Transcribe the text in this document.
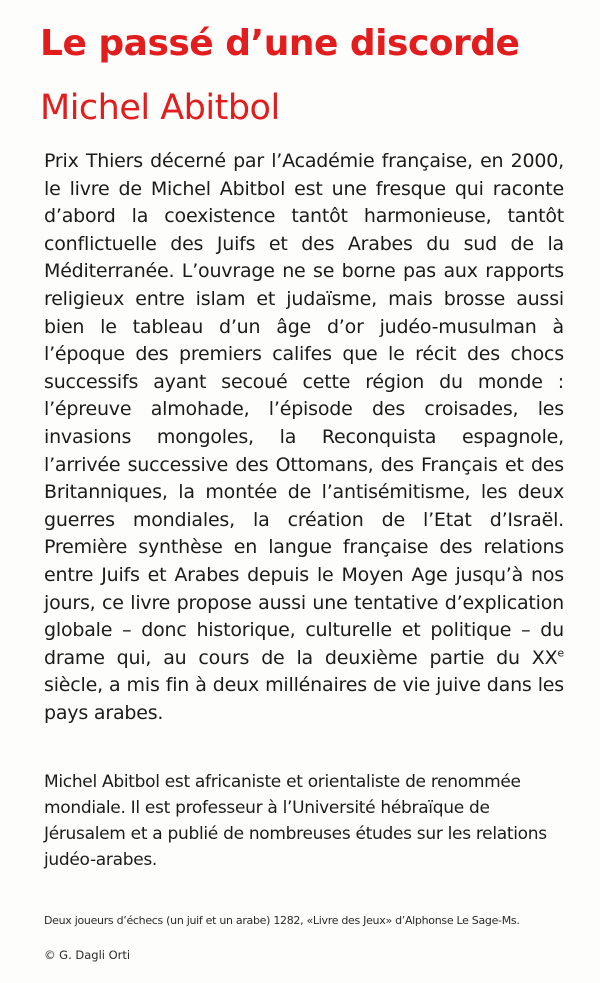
Le passé d’une discorde
Michel Abitbol

Prix Thiers décerné par l’Académie française, en 2000, le livre de Michel Abitbol est une fresque qui raconte d’abord la coexistence tantôt harmonieuse, tantôt conflictuelle des Juifs et des Arabes du sud de la Méditerranée. L’ouvrage ne se borne pas aux rapports religieux entre islam et judaïsme, mais brosse aussi bien le tableau d’un âge d’or judéo-musulman à l’époque des premiers califes que le récit des chocs successifs ayant secoué cette région du monde : l’épreuve almohade, l’épisode des croisades, les invasions mongoles, la Reconquista espagnole, l’arrivée successive des Ottomans, des Français et des Britanniques, la montée de l’antisémitisme, les deux guerres mondiales, la création de l’Etat d’Israël. Première synthèse en langue française des relations entre Juifs et Arabes depuis le Moyen Age jusqu’à nos jours, ce livre propose aussi une tentative d’explication globale – donc historique, culturelle et politique – du drame qui, au cours de la deuxième partie du XXe siècle, a mis fin à deux millénaires de vie juive dans les pays arabes.

Michel Abitbol est africaniste et orientaliste de renommée mondiale. Il est professeur à l’Université hébraïque de Jérusalem et a publié de nombreuses études sur les relations judéo-arabes.

Deux joueurs d’échecs (un juif et un arabe) 1282, «Livre des Jeux» d’Alphonse Le Sage-Ms.

© G. Dagli Orti
